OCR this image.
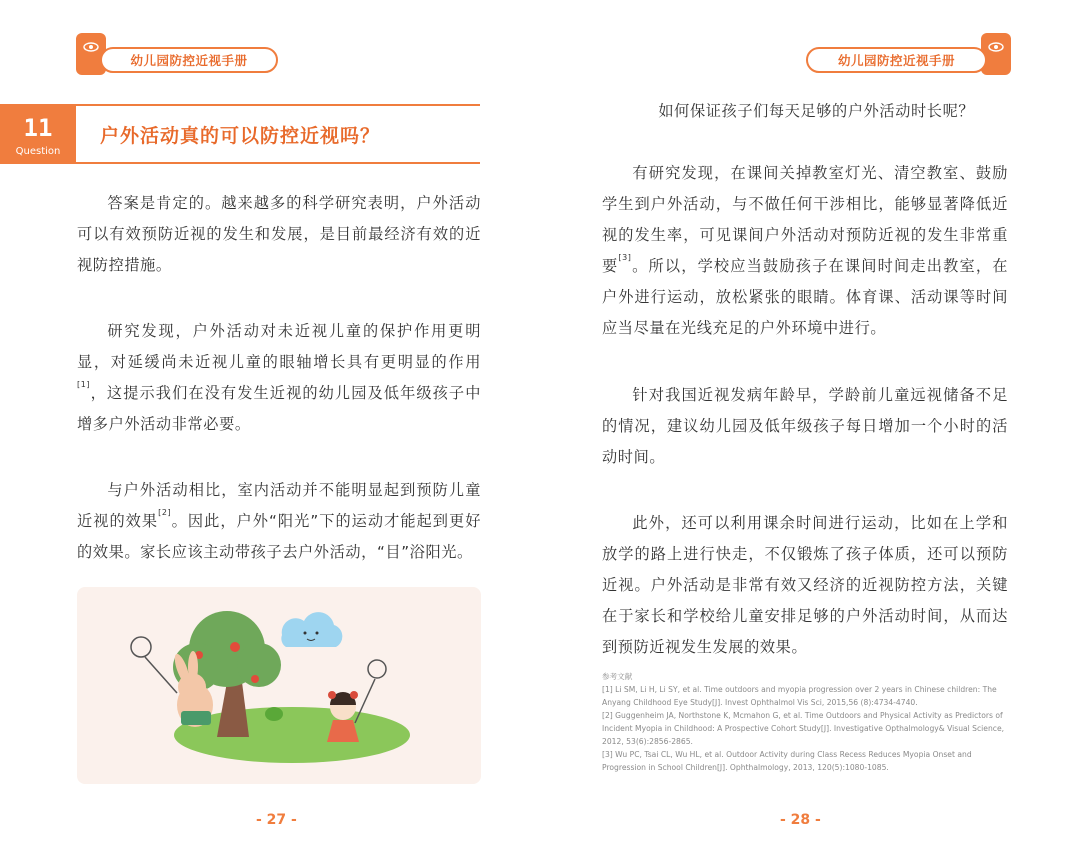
幼儿园防控近视手册
11
Question
户外活动真的可以防控近视吗？

答案是肯定的。越来越多的科学研究表明，户外活动可以有效预防近视的发生和发展，是目前最经济有效的近视防控措施。

研究发现，户外活动对未近视儿童的保护作用更明显，对延缓尚未近视儿童的眼轴增长具有更明显的作用[1]，这提示我们在没有发生近视的幼儿园及低年级孩子中增多户外活动非常必要。

与户外活动相比，室内活动并不能明显起到预防儿童近视的效果[2]。因此，户外“阳光”下的运动才能起到更好的效果。家长应该主动带孩子去户外活动，“目”浴阳光。

- 27 -
幼儿园防控近视手册

如何保证孩子们每天足够的户外活动时长呢？

有研究发现，在课间关掉教室灯光、清空教室、鼓励学生到户外活动，与不做任何干涉相比，能够显著降低近视的发生率，可见课间户外活动对预防近视的发生非常重要[3]。所以，学校应当鼓励孩子在课间时间走出教室，在户外进行运动，放松紧张的眼睛。体育课、活动课等时间应当尽量在光线充足的户外环境中进行。

针对我国近视发病年龄早，学龄前儿童远视储备不足的情况，建议幼儿园及低年级孩子每日增加一个小时的活动时间。

此外，还可以利用课余时间进行运动，比如在上学和放学的路上进行快走，不仅锻炼了孩子体质，还可以预防近视。户外活动是非常有效又经济的近视防控方法，关键在于家长和学校给儿童安排足够的户外活动时间，从而达到预防近视发生发展的效果。

参考文献
[1] Li SM, Li H, Li SY, et al. Time outdoors and myopia progression over 2 years in Chinese children: The Anyang Childhood Eye Study[J]. Invest Ophthalmol Vis Sci, 2015,56 (8):4734-4740.
[2] Guggenheim JA, Northstone K, Mcmahon G, et al. Time Outdoors and Physical Activity as Predictors of Incident Myopia in Childhood: A Prospective Cohort Study[J]. Investigative Opthalmology& Visual Science, 2012, 53(6):2856-2865.
[3] Wu PC, Tsai CL, Wu HL, et al. Outdoor Activity during Class Recess Reduces Myopia Onset and Progression in School Children[J]. Ophthalmology, 2013, 120(5):1080-1085.
- 28 -
